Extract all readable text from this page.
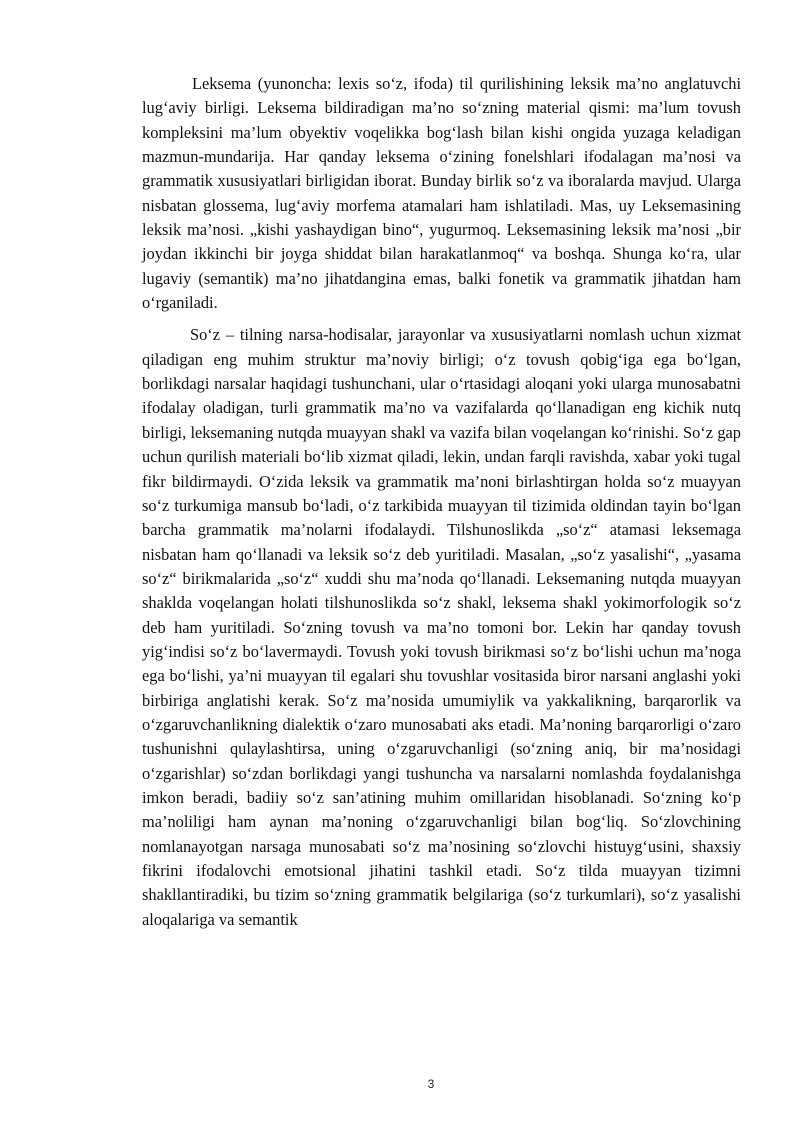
Leksema (yunoncha: lexis so‘z, ifoda) til qurilishining leksik ma’no anglatuvchi lug‘aviy birligi. Leksema bildiradigan ma’no so‘zning material qismi: ma’lum tovush kompleksini ma’lum obyektiv voqelikka bog‘lash bilan kishi ongida yuzaga keladigan mazmun-mundarija. Har qanday leksema o‘zining fonelshlari ifodalagan ma’nosi va grammatik xususiyatlari birligidan iborat. Bunday birlik so‘z va iboralarda mavjud. Ularga nisbatan glossema, lug‘aviy morfema atamalari ham ishlatiladi. Mas, uy Leksemasining leksik ma’nosi. „kishi yashaydigan bino“, yugurmoq. Leksemasining leksik ma’nosi „bir joydan ikkinchi bir joyga shiddat bilan harakatlanmoq“ va boshqa. Shunga ko‘ra, ular lugaviy (semantik) ma’no jihatdangina emas, balki fonetik va grammatik jihatdan ham o‘rganiladi.

So‘z – tilning narsa-hodisalar, jarayonlar va xususiyatlarni nomlash uchun xizmat qiladigan eng muhim struktur ma’noviy birligi; o‘z tovush qobig‘iga ega bo‘lgan, borlikdagi narsalar haqidagi tushunchani, ular o‘rtasidagi aloqani yoki ularga munosabatni ifodalay oladigan, turli grammatik ma’no va vazifalarda qo‘llanadigan eng kichik nutq birligi, leksemaning nutqda muayyan shakl va vazifa bilan voqelangan ko‘rinishi. So‘z gap uchun qurilish materiali bo‘lib xizmat qiladi, lekin, undan farqli ravishda, xabar yoki tugal fikr bildirmaydi. O‘zida leksik va grammatik ma’noni birlashtirgan holda so‘z muayyan so‘z turkumiga mansub bo‘ladi, o‘z tarkibida muayyan til tizimida oldindan tayin bo‘lgan barcha grammatik ma’nolarni ifodalaydi. Tilshunoslikda „so‘z“ atamasi leksemaga nisbatan ham qo‘llanadi va leksik so‘z deb yuritiladi. Masalan, „so‘z yasalishi“, „yasama so‘z“ birikmalarida „so‘z“ xuddi shu ma’noda qo‘llanadi. Leksemaning nutqda muayyan shaklda voqelangan holati tilshunoslikda so‘z shakl, leksema shakl yokimorfologik so‘z deb ham yuritiladi. So‘zning tovush va ma’no tomoni bor. Lekin har qanday tovush yig‘indisi so‘z bo‘lavermaydi. Tovush yoki tovush birikmasi so‘z bo‘lishi uchun ma’noga ega bo‘lishi, ya’ni muayyan til egalari shu tovushlar vositasida biror narsani anglashi yoki birbiriga anglatishi kerak. So‘z ma’nosida umumiylik va yakkalikning, barqarorlik va o‘zgaruvchanlikning dialektik o‘zaro munosabati aks etadi. Ma’noning barqarorligi o‘zaro tushunishni qulaylashtirsa, uning o‘zgaruvchanligi (so‘zning aniq, bir ma’nosidagi o‘zgarishlar) so‘zdan borlikdagi yangi tushuncha va narsalarni nomlashda foydalanishga imkon beradi, badiiy so‘z san’atining muhim omillaridan hisoblanadi. So‘zning ko‘p ma’noliligi ham aynan ma’noning o‘zgaruvchanligi bilan bog‘liq. So‘zlovchining nomlanayotgan narsaga munosabati so‘z ma’nosining so‘zlovchi histuyg‘usini, shaxsiy fikrini ifodalovchi emotsional jihatini tashkil etadi. So‘z tilda muayyan tizimni shakllantiradiki, bu tizim so‘zning grammatik belgilariga (so‘z turkumlari), so‘z yasalishi aloqalariga va semantik

3
